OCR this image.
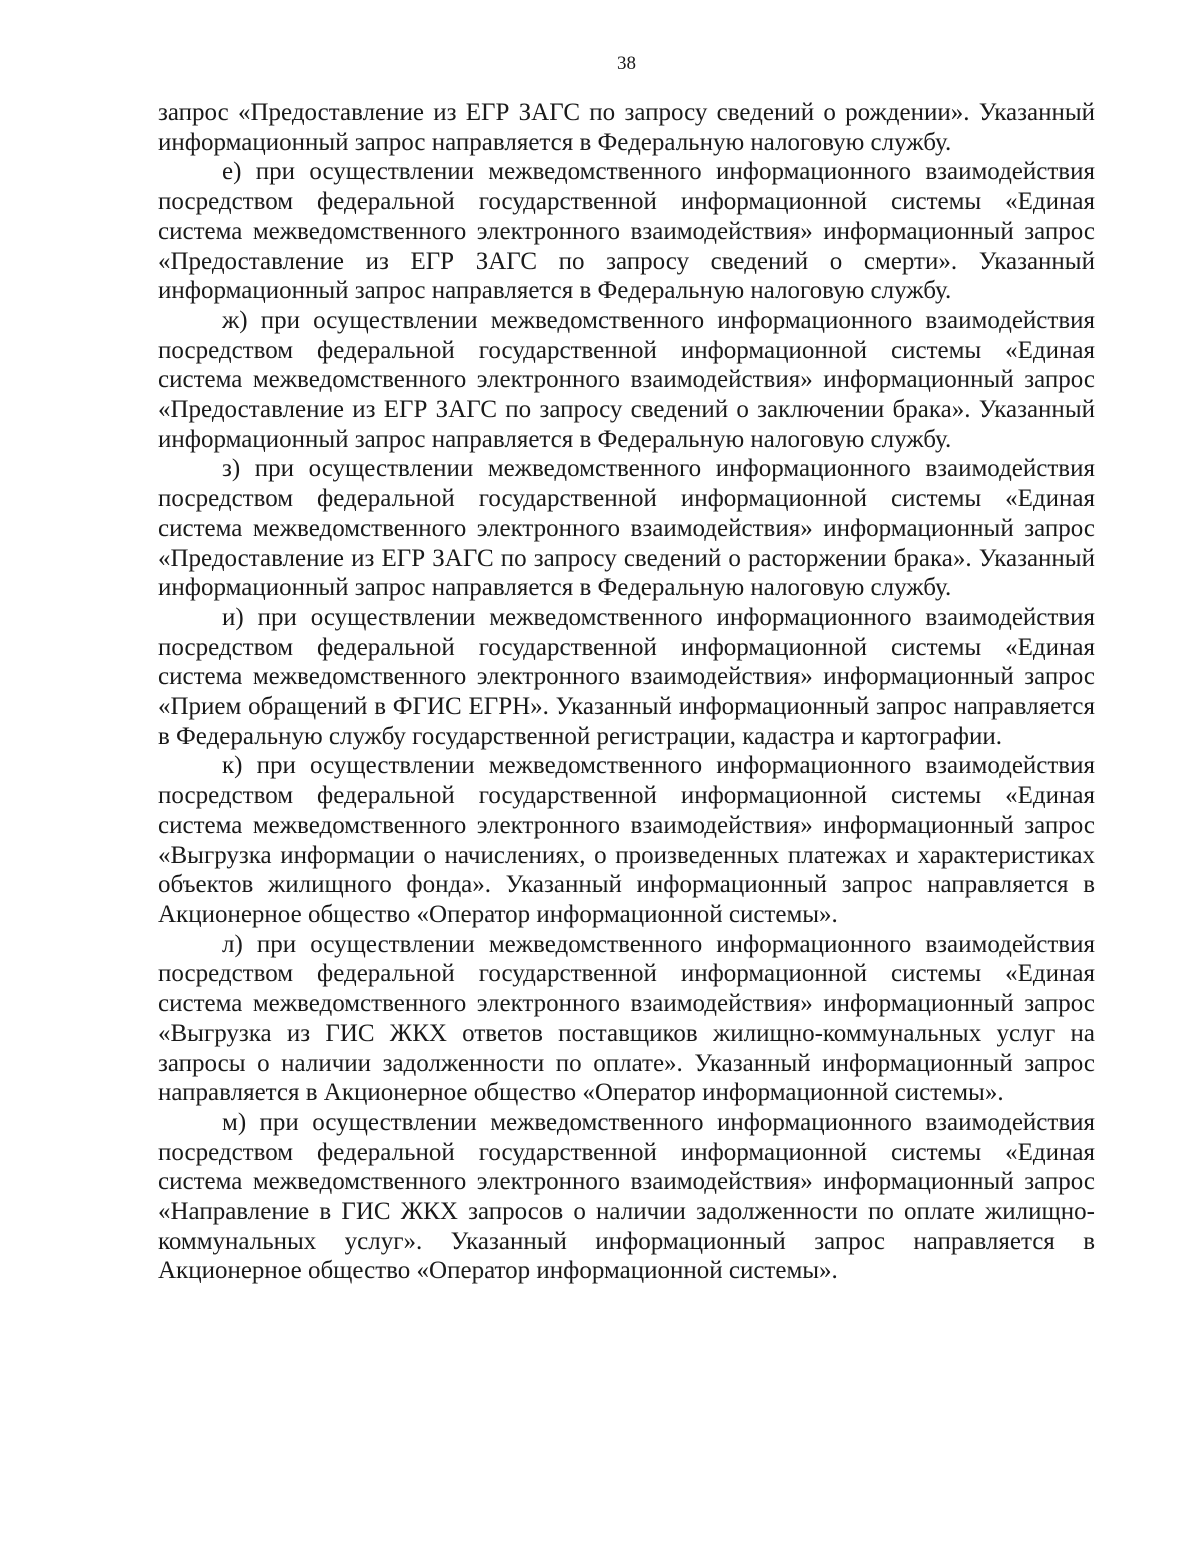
38

запрос «Предоставление из ЕГР ЗАГС по запросу сведений о рождении». Указанный информационный запрос направляется в Федеральную налоговую службу.

е) при осуществлении межведомственного информационного взаимодействия посредством федеральной государственной информационной системы «Единая система межведомственного электронного взаимодействия» информационный запрос «Предоставление из ЕГР ЗАГС по запросу сведений о смерти». Указанный информационный запрос направляется в Федеральную налоговую службу.

ж) при осуществлении межведомственного информационного взаимодействия посредством федеральной государственной информационной системы «Единая система межведомственного электронного взаимодействия» информационный запрос «Предоставление из ЕГР ЗАГС по запросу сведений о заключении брака». Указанный информационный запрос направляется в Федеральную налоговую службу.

з) при осуществлении межведомственного информационного взаимодействия посредством федеральной государственной информационной системы «Единая система межведомственного электронного взаимодействия» информационный запрос «Предоставление из ЕГР ЗАГС по запросу сведений о расторжении брака». Указанный информационный запрос направляется в Федеральную налоговую службу.

и) при осуществлении межведомственного информационного взаимодействия посредством федеральной государственной информационной системы «Единая система межведомственного электронного взаимодействия» информационный запрос «Прием обращений в ФГИС ЕГРН». Указанный информационный запрос направляется в Федеральную службу государственной регистрации, кадастра и картографии.

к) при осуществлении межведомственного информационного взаимодействия посредством федеральной государственной информационной системы «Единая система межведомственного электронного взаимодействия» информационный запрос «Выгрузка информации о начислениях, о произведенных платежах и характеристиках объектов жилищного фонда». Указанный информационный запрос направляется в Акционерное общество «Оператор информационной системы».

л) при осуществлении межведомственного информационного взаимодействия посредством федеральной государственной информационной системы «Единая система межведомственного электронного взаимодействия» информационный запрос «Выгрузка из ГИС ЖКХ ответов поставщиков жилищно-коммунальных услуг на запросы о наличии задолженности по оплате». Указанный информационный запрос направляется в Акционерное общество «Оператор информационной системы».

м) при осуществлении межведомственного информационного взаимодействия посредством федеральной государственной информационной системы «Единая система межведомственного электронного взаимодействия» информационный запрос «Направление в ГИС ЖКХ запросов о наличии задолженности по оплате жилищно-коммунальных услуг». Указанный информационный запрос направляется в Акционерное общество «Оператор информационной системы».
